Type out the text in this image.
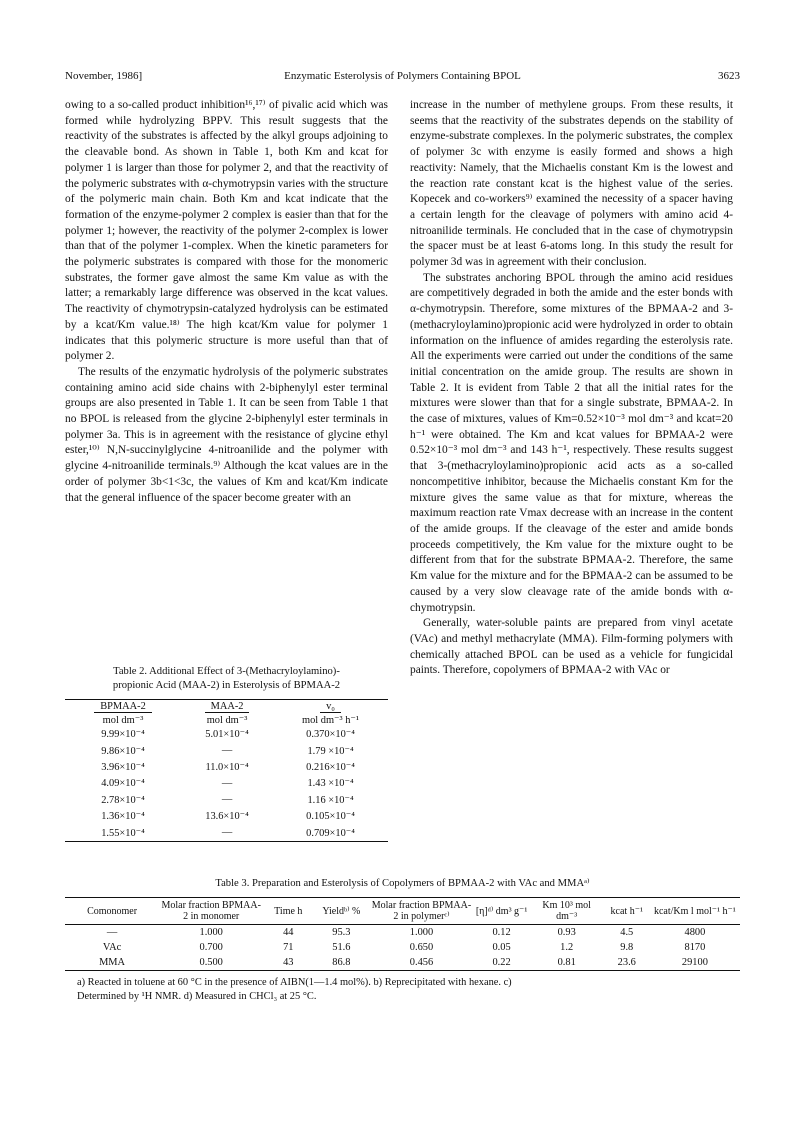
November, 1986]	Enzymatic Esterolysis of Polymers Containing BPOL	3623

owing to a so-called product inhibition¹⁶,¹⁷⁾ of pivalic acid which was formed while hydrolyzing BPPV. This result suggests that the reactivity of the substrates is affected by the alkyl groups adjoining to the cleavable bond. As shown in Table 1, both Km and kcat for polymer 1 is larger than those for polymer 2, and that the reactivity of the polymeric substrates with α-chymotrypsin varies with the structure of the polymeric main chain. Both Km and kcat indicate that the formation of the enzyme-polymer 2 complex is easier than that for the polymer 1; however, the reactivity of the polymer 2-complex is lower than that of the polymer 1-complex. When the kinetic parameters for the polymeric substrates is compared with those for the monomeric substrates, the former gave almost the same Km value as with the latter; a remarkably large difference was observed in the kcat values. The reactivity of chymotrypsin-catalyzed hydrolysis can be estimated by a kcat/Km value.¹⁸⁾ The high kcat/Km value for polymer 1 indicates that this polymeric structure is more useful than that of polymer 2.

The results of the enzymatic hydrolysis of the polymeric substrates containing amino acid side chains with 2-biphenylyl ester terminal groups are also presented in Table 1. It can be seen from Table 1 that no BPOL is released from the glycine 2-biphenylyl ester terminals in polymer 3a. This is in agreement with the resistance of glycine ethyl ester,¹⁰⁾ N,N-succinylglycine 4-nitroanilide and the polymer with glycine 4-nitroanilide terminals.⁹⁾ Although the kcat values are in the order of polymer 3b<1<3c, the values of Km and kcat/Km indicate that the general influence of the spacer become greater with an

increase in the number of methylene groups. From these results, it seems that the reactivity of the substrates depends on the stability of enzyme-substrate complexes. In the polymeric substrates, the complex of polymer 3c with enzyme is easily formed and shows a high reactivity: Namely, that the Michaelis constant Km is the lowest and the reaction rate constant kcat is the highest value of the series. Kopecek and co-workers⁹⁾ examined the necessity of a spacer having a certain length for the cleavage of polymers with amino acid 4-nitroanilide terminals. He concluded that in the case of chymotrypsin the spacer must be at least 6-atoms long. In this study the result for polymer 3d was in agreement with their conclusion.

The substrates anchoring BPOL through the amino acid residues are competitively degraded in both the amide and the ester bonds with α-chymotrypsin. Therefore, some mixtures of the BPMAA-2 and 3-(methacryloylamino)propionic acid were hydrolyzed in order to obtain information on the influence of amides regarding the esterolysis rate. All the experiments were carried out under the conditions of the same initial concentration on the amide group. The results are shown in Table 2. It is evident from Table 2 that all the initial rates for the mixtures were slower than that for a single substrate, BPMAA-2. In the case of mixtures, values of Km=0.52×10⁻³ mol dm⁻³ and kcat=20 h⁻¹ were obtained. The Km and kcat values for BPMAA-2 were 0.52×10⁻³ mol dm⁻³ and 143 h⁻¹, respectively. These results suggest that 3-(methacryloylamino)propionic acid acts as a so-called noncompetitive inhibitor, because the Michaelis constant Km for the mixture gives the same value as that for mixture, whereas the maximum reaction rate Vmax decrease with an increase in the content of the amide groups. If the cleavage of the ester and amide bonds proceeds competitively, the Km value for the mixture ought to be different from that for the substrate BPMAA-2. Therefore, the same Km value for the mixture and for the BPMAA-2 can be assumed to be caused by a very slow cleavage rate of the amide bonds with α-chymotrypsin.

Generally, water-soluble paints are prepared from vinyl acetate (VAc) and methyl methacrylate (MMA). Film-forming polymers with chemically attached BPOL can be used as a vehicle for fungicidal paints. Therefore, copolymers of BPMAA-2 with VAc or

Table 2. Additional Effect of 3-(Methacryloylamino)-
propionic Acid (MAA-2) in Esterolysis of BPMAA-2
BPMAA-2	MAA-2	v₀
mol dm⁻³	mol dm⁻³	mol dm⁻³ h⁻¹
9.99×10⁻⁴	5.01×10⁻⁴	0.370×10⁻⁴
9.86×10⁻⁴	—	1.79 ×10⁻⁴
3.96×10⁻⁴	11.0×10⁻⁴	0.216×10⁻⁴
4.09×10⁻⁴	—	1.43 ×10⁻⁴
2.78×10⁻⁴	—	1.16 ×10⁻⁴
1.36×10⁻⁴	13.6×10⁻⁴	0.105×10⁻⁴
1.55×10⁻⁴	—	0.709×10⁻⁴
Table 3. Preparation and Esterolysis of Copolymers of BPMAA-2 with VAc and MMAᵃ⁾
Comonomer	Molar fraction BPMAA-2 in monomer	Time h	Yieldᵇ⁾ %	Molar fraction BPMAA-2 in polymerᶜ⁾	[η]ᵈ⁾ dm³ g⁻¹	Km 10³ mol dm⁻³	kcat h⁻¹	kcat/Km l mol⁻¹ h⁻¹
—	1.000	44	95.3	1.000	0.12	0.93	4.5	4800
VAc	0.700	71	51.6	0.650	0.05	1.2	9.8	8170
MMA	0.500	43	86.8	0.456	0.22	0.81	23.6	29100
a) Reacted in toluene at 60 °C in the presence of AIBN(1—1.4 mol%). b) Reprecipitated with hexane. c)
Determined by ¹H NMR. d) Measured in CHCl₃ at 25 °C.
